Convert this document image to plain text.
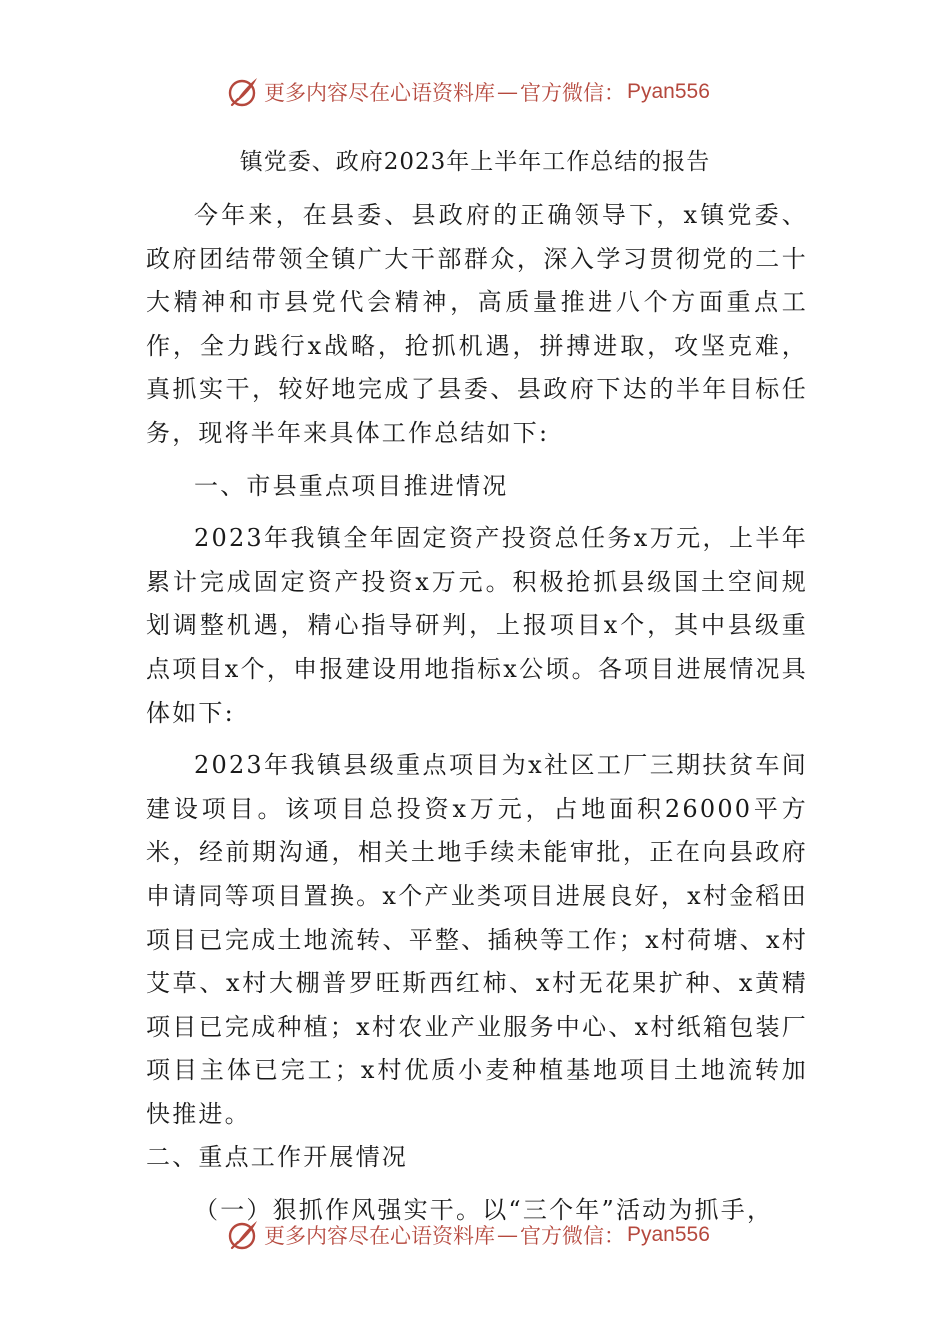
更多内容尽在心语资料库 — 官方微信： Pyan556
镇党委、政府2023年上半年工作总结的报告

今年来，在县委、县政府的正确领导下，x镇党委、政府团结带领全镇广大干部群众，深入学习贯彻党的二十大精神和市县党代会精神，高质量推进八个方面重点工作，全力践行x战略，抢抓机遇，拼搏进取，攻坚克难，真抓实干，较好地完成了县委、县政府下达的半年目标任务，现将半年来具体工作总结如下:

一、市县重点项目推进情况

2023年我镇全年固定资产投资总任务x万元，上半年累计完成固定资产投资x万元。积极抢抓县级国土空间规划调整机遇，精心指导研判，上报项目x个，其中县级重点项目x个，申报建设用地指标x公顷。各项目进展情况具体如下:

2023年我镇县级重点项目为x社区工厂三期扶贫车间建设项目。该项目总投资x万元，占地面积26000平方米，经前期沟通，相关土地手续未能审批，正在向县政府申请同等项目置换。x个产业类项目进展良好，x村金稻田项目已完成土地流转、平整、插秧等工作；x村荷塘、x村艾草、x村大棚普罗旺斯西红柿、x村无花果扩种、x黄精项目已完成种植；x村农业产业服务中心、x村纸箱包装厂项目主体已完工；x村优质小麦种植基地项目土地流转加快推进。

二、重点工作开展情况

（一）狠抓作风强实干。以“三个年”活动为抓手，

更多内容尽在心语资料库 — 官方微信： Pyan556
